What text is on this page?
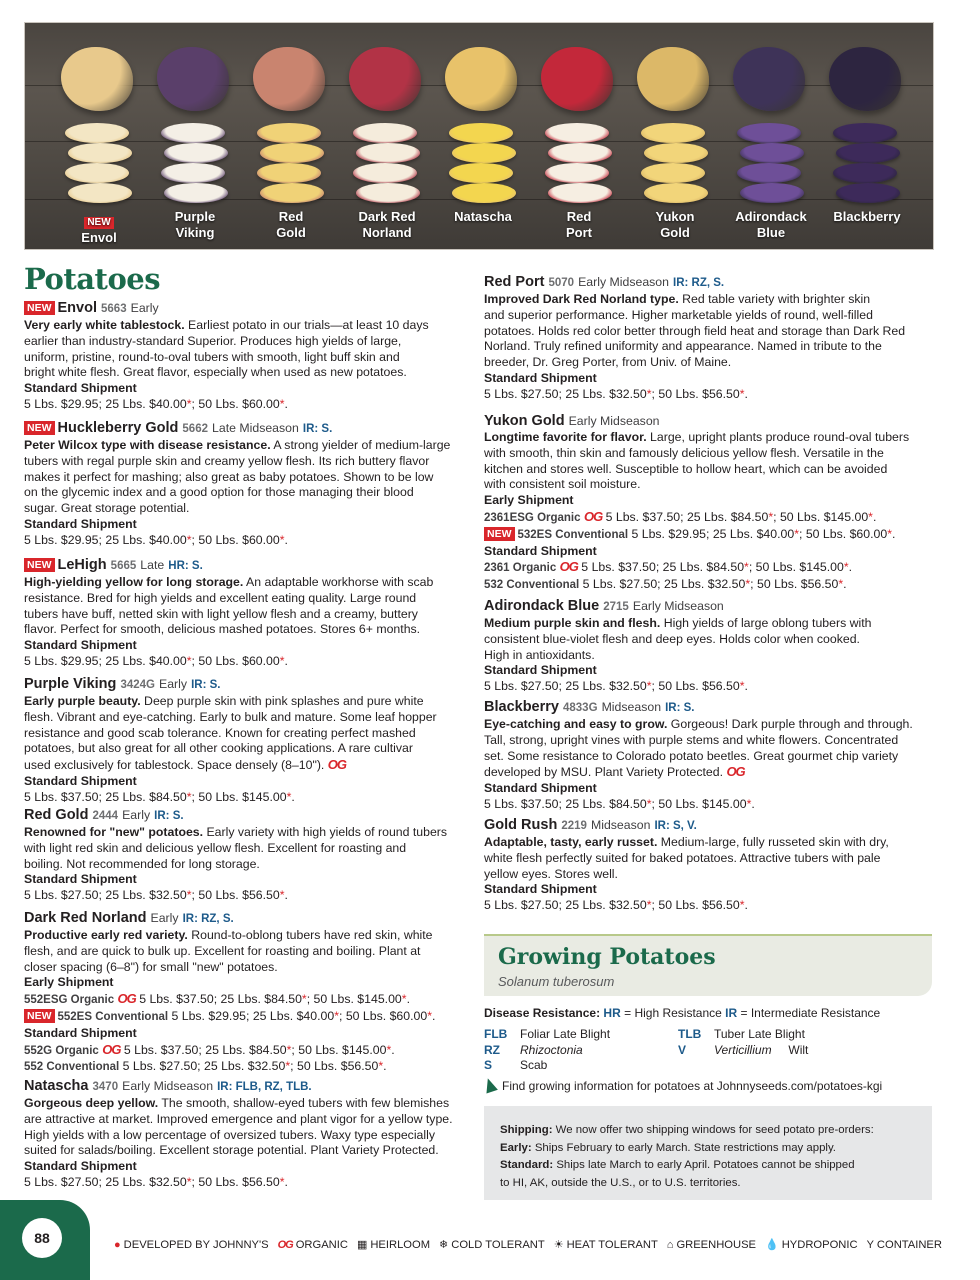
NEW
Envol
Purple
Viking
Red
Gold
Dark Red
Norland
Natascha	Red
Port
Yukon
Gold
Adirondack
Blue
Blackberry
Potatoes
NEW Envol 5663 Early
Very early white tablestock. Earliest potato in our trials—at least 10 days
earlier than industry-standard Superior. Produces high yields of large,
uniform, pristine, round-to-oval tubers with smooth, light buff skin and
bright white flesh. Great flavor, especially when used as new potatoes.
Standard Shipment
5 Lbs. $29.95; 25 Lbs. $40.00*; 50 Lbs. $60.00*.
NEW Huckleberry Gold 5662 Late Midseason IR: S.
Peter Wilcox type with disease resistance. A strong yielder of medium-large
tubers with regal purple skin and creamy yellow flesh. Its rich buttery flavor
makes it perfect for mashing; also great as baby potatoes. Shown to be low
on the glycemic index and a good option for those managing their blood
sugar. Great storage potential.
Standard Shipment
5 Lbs. $29.95; 25 Lbs. $40.00*; 50 Lbs. $60.00*.
NEW LeHigh 5665 Late HR: S.
High-yielding yellow for long storage. An adaptable workhorse with scab
resistance. Bred for high yields and excellent eating quality. Large round
tubers have buff, netted skin with light yellow flesh and a creamy, buttery
flavor. Perfect for smooth, delicious mashed potatoes. Stores 6+ months.
Standard Shipment
5 Lbs. $29.95; 25 Lbs. $40.00*; 50 Lbs. $60.00*.
Purple Viking 3424G Early IR: S.
Early purple beauty. Deep purple skin with pink splashes and pure white
flesh. Vibrant and eye-catching. Early to bulk and mature. Some leaf hopper
resistance and good scab tolerance. Known for creating perfect mashed
potatoes, but also great for all other cooking applications. A rare cultivar
used exclusively for tablestock. Space densely (8–10"). OG
Standard Shipment
5 Lbs. $37.50; 25 Lbs. $84.50*; 50 Lbs. $145.00*.
Red Gold 2444 Early IR: S.
Renowned for "new" potatoes. Early variety with high yields of round tubers
with light red skin and delicious yellow flesh. Excellent for roasting and
boiling. Not recommended for long storage.
Standard Shipment
5 Lbs. $27.50; 25 Lbs. $32.50*; 50 Lbs. $56.50*.
Dark Red Norland Early IR: RZ, S.
Productive early red variety. Round-to-oblong tubers have red skin, white
flesh, and are quick to bulk up. Excellent for roasting and boiling. Plant at
closer spacing (6–8") for small "new" potatoes.
Early Shipment
552ESG Organic OG 5 Lbs. $37.50; 25 Lbs. $84.50*; 50 Lbs. $145.00*.
NEW 552ES Conventional 5 Lbs. $29.95; 25 Lbs. $40.00*; 50 Lbs. $60.00*.
Standard Shipment
552G Organic OG 5 Lbs. $37.50; 25 Lbs. $84.50*; 50 Lbs. $145.00*.
552 Conventional 5 Lbs. $27.50; 25 Lbs. $32.50*; 50 Lbs. $56.50*.
Natascha 3470 Early Midseason IR: FLB, RZ, TLB.
Gorgeous deep yellow. The smooth, shallow-eyed tubers with few blemishes
are attractive at market. Improved emergence and plant vigor for a yellow type.
High yields with a low percentage of oversized tubers. Waxy type especially
suited for salads/boiling. Excellent storage potential. Plant Variety Protected.
Standard Shipment
5 Lbs. $27.50; 25 Lbs. $32.50*; 50 Lbs. $56.50*.
Red Port 5070 Early Midseason IR: RZ, S.
Improved Dark Red Norland type. Red table variety with brighter skin
and superior performance. Higher marketable yields of round, well-filled
potatoes. Holds red color better through field heat and storage than Dark Red
Norland. Truly refined uniformity and appearance. Named in tribute to the
breeder, Dr. Greg Porter, from Univ. of Maine.
Standard Shipment
5 Lbs. $27.50; 25 Lbs. $32.50*; 50 Lbs. $56.50*.
Yukon Gold Early Midseason
Longtime favorite for flavor. Large, upright plants produce round-oval tubers
with smooth, thin skin and famously delicious yellow flesh. Versatile in the
kitchen and stores well. Susceptible to hollow heart, which can be avoided
with consistent soil moisture.
Early Shipment
2361ESG Organic OG 5 Lbs. $37.50; 25 Lbs. $84.50*; 50 Lbs. $145.00*.
NEW 532ES Conventional 5 Lbs. $29.95; 25 Lbs. $40.00*; 50 Lbs. $60.00*.
Standard Shipment
2361 Organic OG 5 Lbs. $37.50; 25 Lbs. $84.50*; 50 Lbs. $145.00*.
532 Conventional 5 Lbs. $27.50; 25 Lbs. $32.50*; 50 Lbs. $56.50*.
Adirondack Blue 2715 Early Midseason
Medium purple skin and flesh. High yields of large oblong tubers with
consistent blue-violet flesh and deep eyes. Holds color when cooked.
High in antioxidants.
Standard Shipment
5 Lbs. $27.50; 25 Lbs. $32.50*; 50 Lbs. $56.50*.
Blackberry 4833G Midseason IR: S.
Eye-catching and easy to grow. Gorgeous! Dark purple through and through.
Tall, strong, upright vines with purple stems and white flowers. Concentrated
set. Some resistance to Colorado potato beetles. Great gourmet chip variety
developed by MSU. Plant Variety Protected. OG
Standard Shipment
5 Lbs. $37.50; 25 Lbs. $84.50*; 50 Lbs. $145.00*.
Gold Rush 2219 Midseason IR: S, V.
Adaptable, tasty, early russet. Medium-large, fully russeted skin with dry,
white flesh perfectly suited for baked potatoes. Attractive tubers with pale
yellow eyes. Stores well.
Standard Shipment
5 Lbs. $27.50; 25 Lbs. $32.50*; 50 Lbs. $56.50*.
Growing Potatoes
Solanum tuberosum
Disease Resistance: HR = High Resistance IR = Intermediate Resistance
FLB Foliar Late Blight
RZ Rhizoctonia
S Scab
TLB Tuber Late Blight
V Verticillium Wilt
Find growing information for potatoes at Johnnyseeds.com/potatoes-kgi
Shipping: We now offer two shipping windows for seed potato pre-orders:
Early: Ships February to early March. State restrictions may apply.
Standard: Ships late March to early April. Potatoes cannot be shipped
to HI, AK, outside the U.S., or to U.S. territories.
88	● DEVELOPED BY JOHNNY'S OG ORGANIC ▦ HEIRLOOM ❄ COLD TOLERANT ☀ HEAT TOLERANT ⌂ GREENHOUSE 💧 HYDROPONIC Y CONTAINER
